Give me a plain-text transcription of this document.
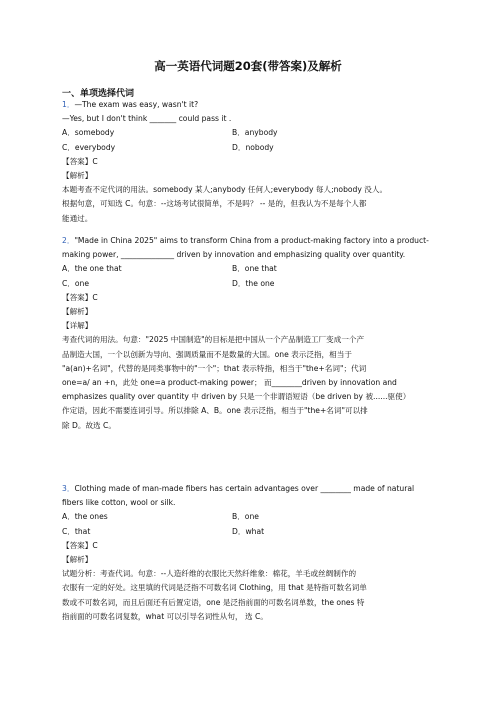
高一英语代词题20套(带答案)及解析
一、单项选择代词
1．—The exam was easy, wasn't it?
—Yes, but I don't think _______ could pass it .
A．somebody	B．anybody
C．everybody	D．nobody
【答案】C
【解析】
本题考查不定代词的用法。somebody 某人;anybody 任何人;everybody 每人;nobody 没人。
根据句意，可知选 C。句意：--这场考试很简单，不是吗？ -- 是的，但我认为不是每个人都
能通过。
2．"Made in China 2025" aims to transform China from a product-making factory into a product-
making power, ______________ driven by innovation and emphasizing quality over quantity.
A．the one that	B．one that
C．one	D．the one
【答案】C
【解析】
【详解】
考查代词的用法。句意："2025 中国制造"的目标是把中国从一个产品制造工厂变成一个产
品制造大国，一个以创新为导向、强调质量而不是数量的大国。one 表示泛指，相当于
"a(an)+名词"，代替的是同类事物中的"一个"；that 表示特指，相当于"the+名词"；代词
one=a/ an +n，此处 one=a product-making power； 而________driven by innovation and
emphasizes quality over quantity 中 driven by 只是一个非谓语短语（be driven by 被......驱使）
作定语，因此不需要连词引导。所以排除 A、B。one 表示泛指，相当于"the+名词"可以排
除 D。故选 C。
3．Clothing made of man-made fibers has certain advantages over ________ made of natural
fibers like cotton, wool or silk.
A．the ones	B．one
C．that	D．what
【答案】C
【解析】
试题分析：考查代词。句意：--人造纤维的衣服比天然纤维象：棉花，羊毛或丝绸制作的
衣服有一定的好处。这里填的代词是泛指不可数名词 Clothing，用 that 是特指可数名词单
数或不可数名词，而且后面还有后置定语，one 是泛指前面的可数名词单数，the ones 特
指前面的可数名词复数，what 可以引导名词性从句， 选 C。
